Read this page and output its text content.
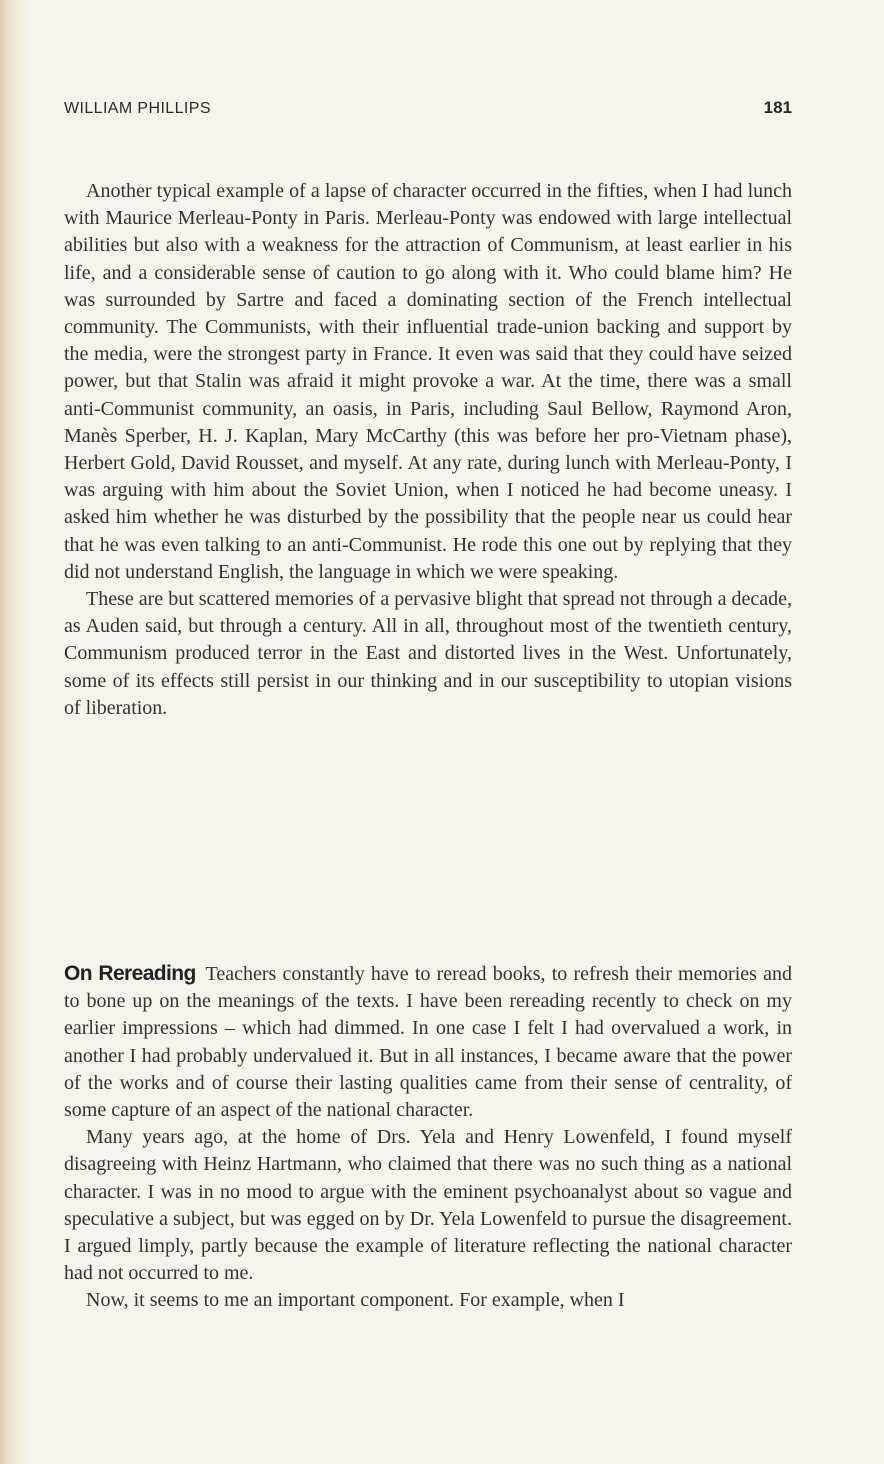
WILLIAM PHILLIPS	181

Another typical example of a lapse of character occurred in the fifties, when I had lunch with Maurice Merleau-Ponty in Paris. Merleau-Ponty was endowed with large intellectual abilities but also with a weakness for the attraction of Communism, at least earlier in his life, and a considerable sense of caution to go along with it. Who could blame him? He was surrounded by Sartre and faced a dominating section of the French intellectual community. The Communists, with their influential trade-union backing and support by the media, were the strongest party in France. It even was said that they could have seized power, but that Stalin was afraid it might provoke a war. At the time, there was a small anti-Communist community, an oasis, in Paris, including Saul Bellow, Raymond Aron, Manès Sperber, H. J. Kaplan, Mary McCarthy (this was before her pro-Vietnam phase), Herbert Gold, David Rousset, and myself. At any rate, during lunch with Merleau-Ponty, I was arguing with him about the Soviet Union, when I noticed he had become uneasy. I asked him whether he was disturbed by the possibility that the people near us could hear that he was even talking to an anti-Communist. He rode this one out by replying that they did not understand English, the language in which we were speaking.

These are but scattered memories of a pervasive blight that spread not through a decade, as Auden said, but through a century. All in all, throughout most of the twentieth century, Communism produced terror in the East and distorted lives in the West. Unfortunately, some of its effects still persist in our thinking and in our susceptibility to utopian visions of liberation.

On Rereading Teachers constantly have to reread books, to refresh their memories and to bone up on the meanings of the texts. I have been rereading recently to check on my earlier impressions – which had dimmed. In one case I felt I had overvalued a work, in another I had probably undervalued it. But in all instances, I became aware that the power of the works and of course their lasting qualities came from their sense of centrality, of some capture of an aspect of the national character.

Many years ago, at the home of Drs. Yela and Henry Lowenfeld, I found myself disagreeing with Heinz Hartmann, who claimed that there was no such thing as a national character. I was in no mood to argue with the eminent psychoanalyst about so vague and speculative a subject, but was egged on by Dr. Yela Lowenfeld to pursue the disagreement. I argued limply, partly because the example of literature reflecting the national character had not occurred to me.

Now, it seems to me an important component. For example, when I
